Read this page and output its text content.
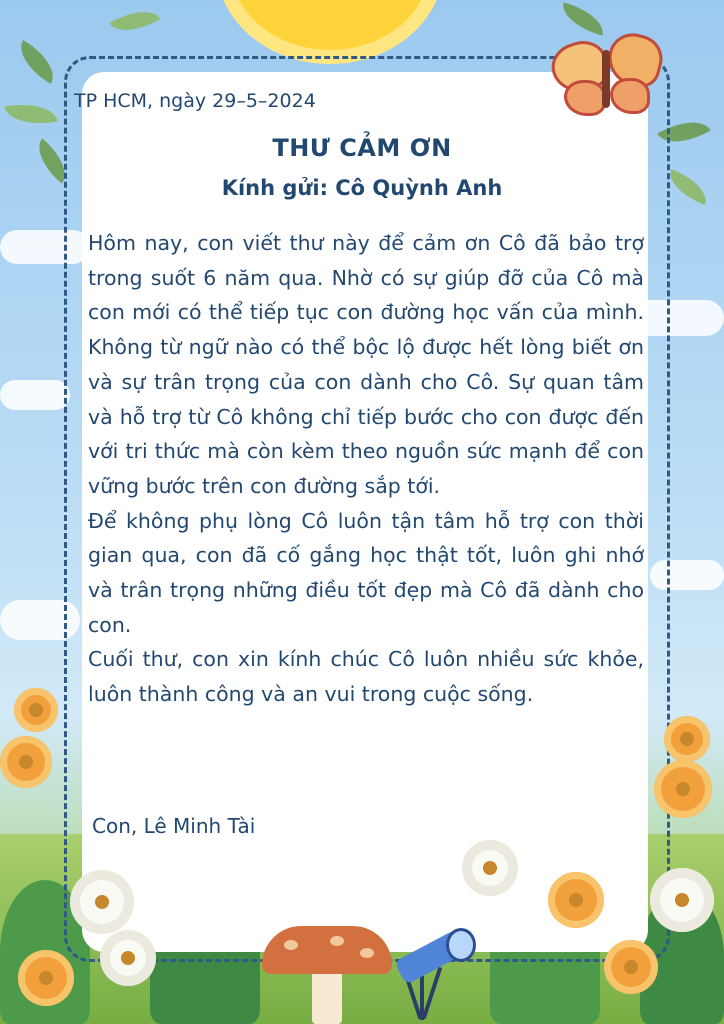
TP HCM, ngày 29–5–2024
THƯ CẢM ƠN
Kính gửi: Cô Quỳnh Anh

Hôm nay, con viết thư này để cảm ơn Cô đã bảo trợ trong suốt 6 năm qua. Nhờ có sự giúp đỡ của Cô mà con mới có thể tiếp tục con đường học vấn của mình. Không từ ngữ nào có thể bộc lộ được hết lòng biết ơn và sự trân trọng của con dành cho Cô. Sự quan tâm và hỗ trợ từ Cô không chỉ tiếp bước cho con được đến với tri thức mà còn kèm theo nguồn sức mạnh để con vững bước trên con đường sắp tới.

Để không phụ lòng Cô luôn tận tâm hỗ trợ con thời gian qua, con đã cố gắng học thật tốt, luôn ghi nhớ và trân trọng những điều tốt đẹp mà Cô đã dành cho con.

Cuối thư, con xin kính chúc Cô luôn nhiều sức khỏe, luôn thành công và an vui trong cuộc sống.

Con, Lê Minh Tài
